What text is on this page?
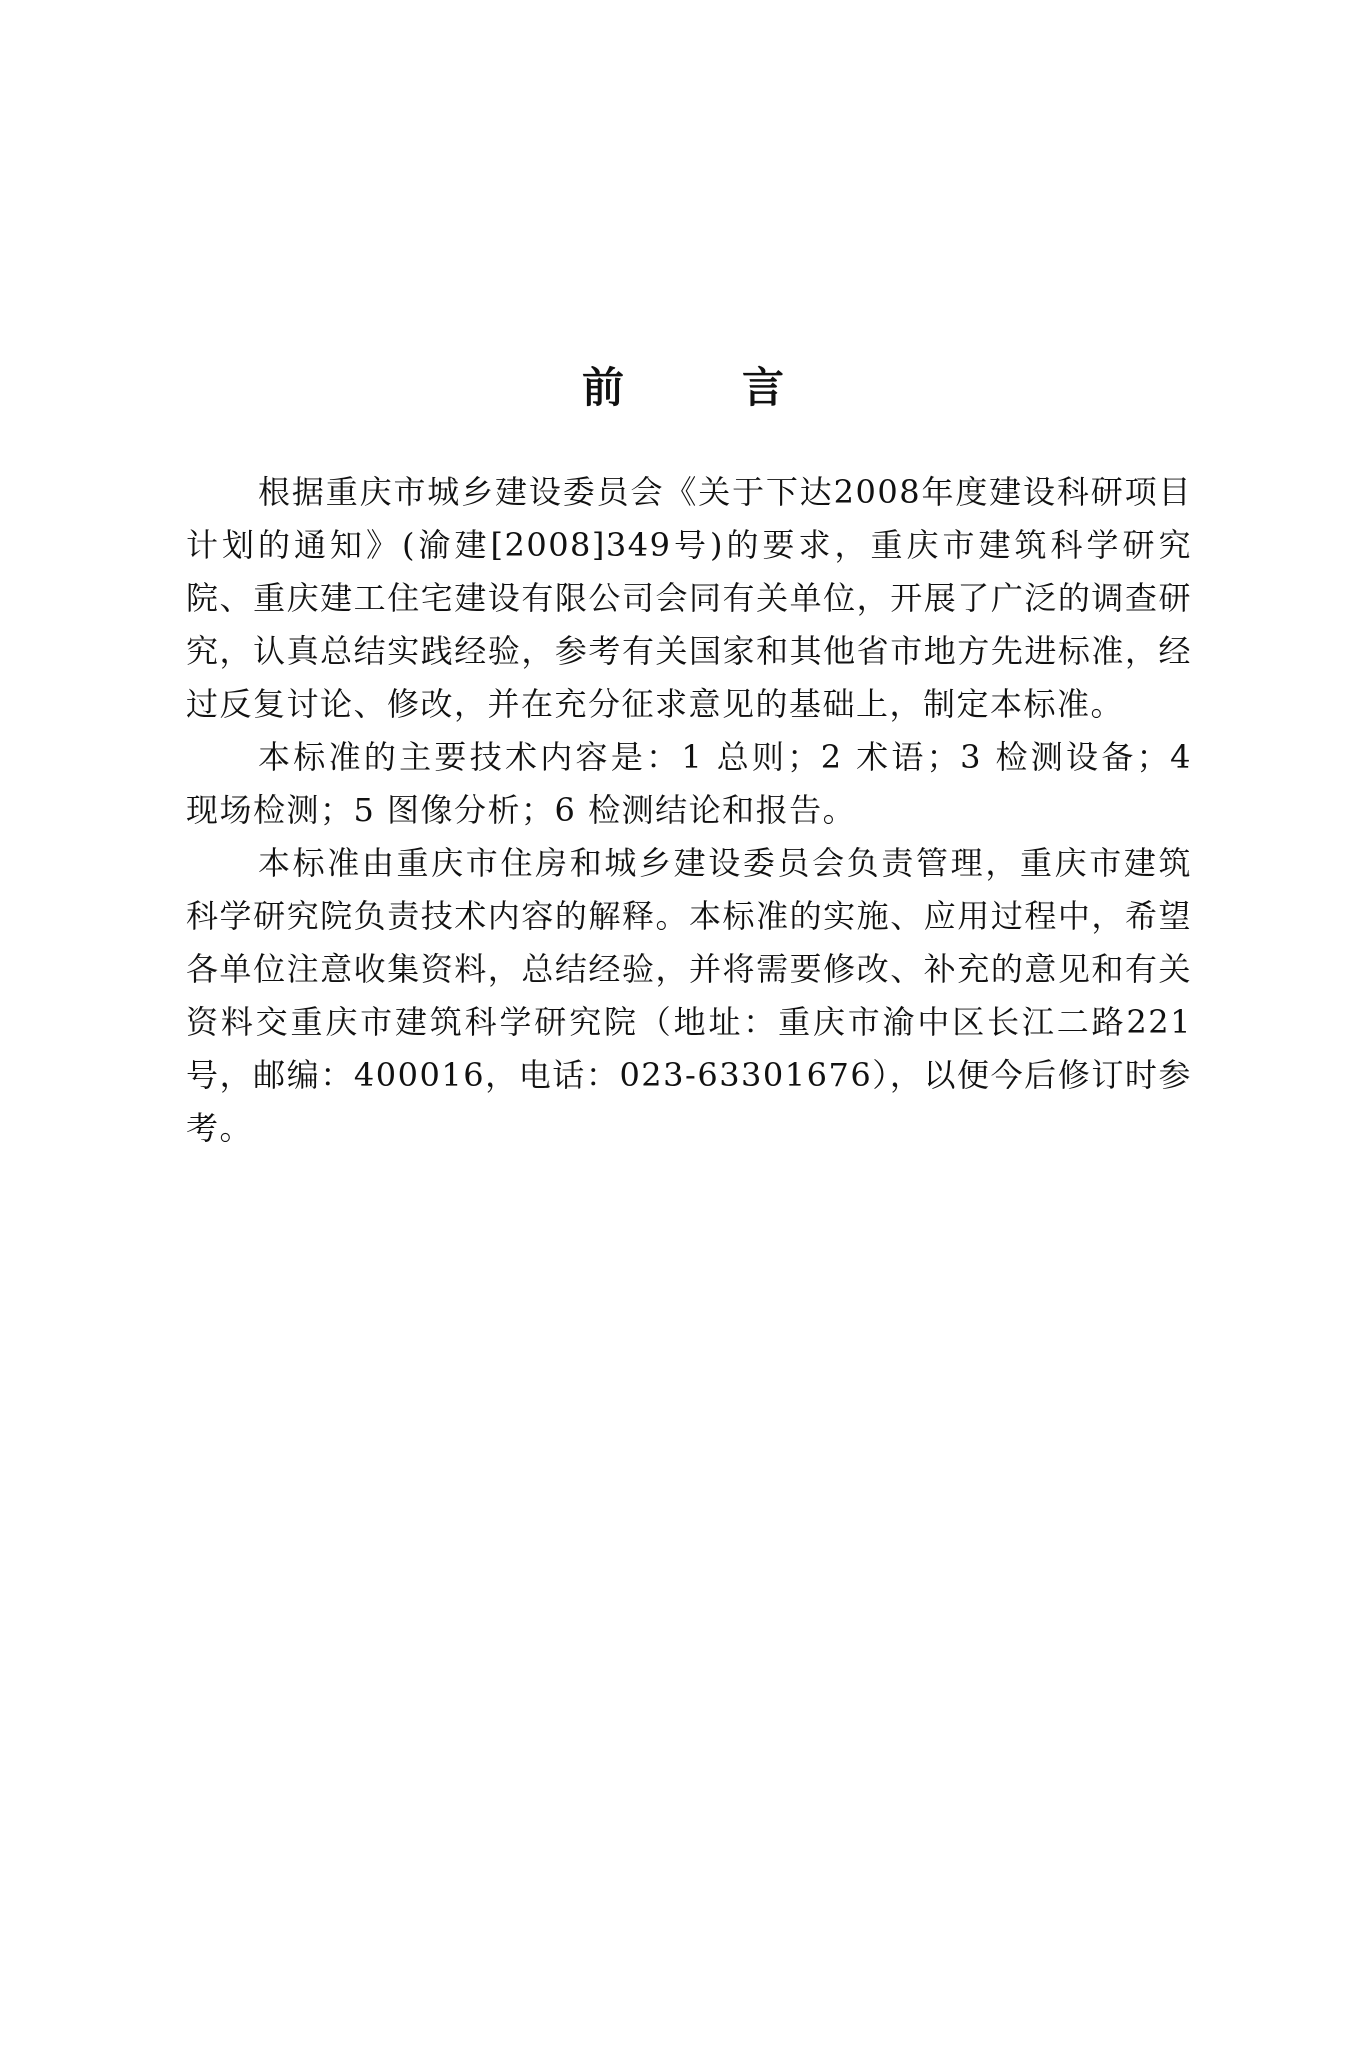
前　言

根据重庆市城乡建设委员会《关于下达2008年度建设科研项目计划的通知》(渝建[2008]349号)的要求，重庆市建筑科学研究院、重庆建工住宅建设有限公司会同有关单位，开展了广泛的调查研究，认真总结实践经验，参考有关国家和其他省市地方先进标准，经过反复讨论、修改，并在充分征求意见的基础上，制定本标准。

本标准的主要技术内容是：1 总则；2 术语；3 检测设备；4 现场检测；5 图像分析；6 检测结论和报告。

本标准由重庆市住房和城乡建设委员会负责管理，重庆市建筑科学研究院负责技术内容的解释。本标准的实施、应用过程中，希望各单位注意收集资料，总结经验，并将需要修改、补充的意见和有关资料交重庆市建筑科学研究院（地址：重庆市渝中区长江二路221号，邮编：400016，电话：023-63301676），以便今后修订时参考。
